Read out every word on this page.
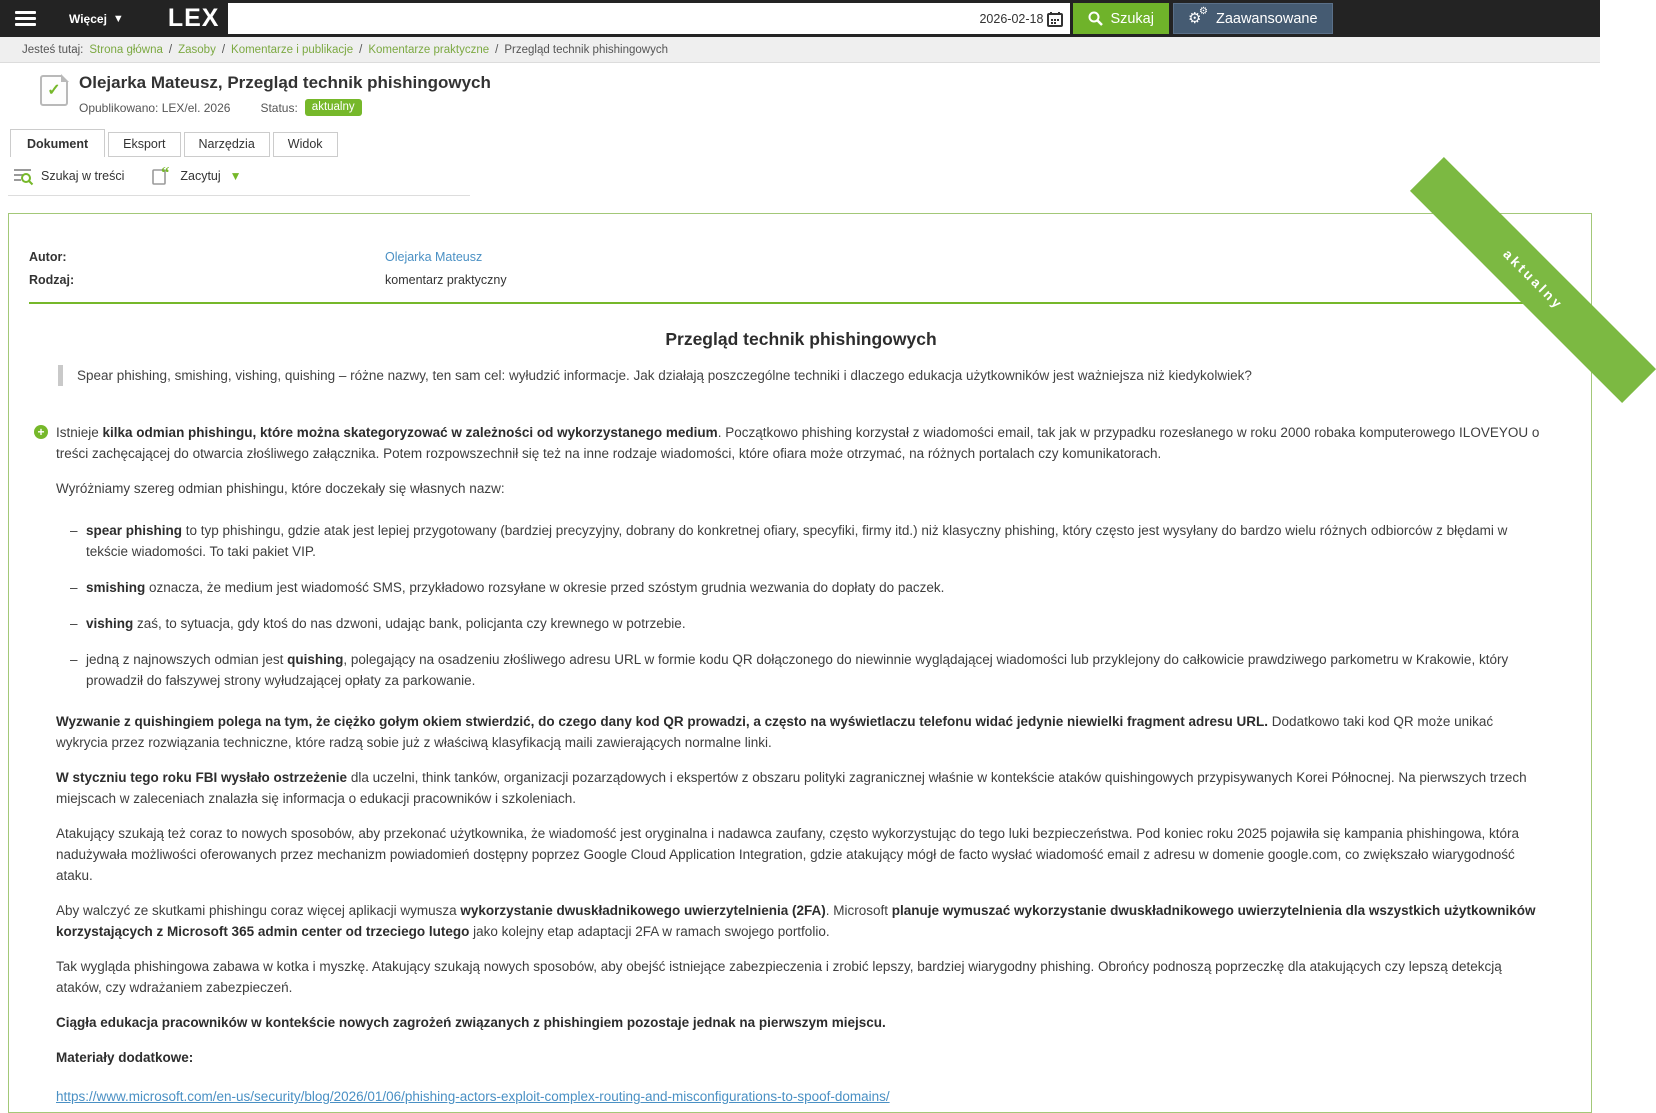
Więcej ▼ LEX
2026-02-18	Szukaj ⚙
⚙ Zaawansowane
Jesteś tutaj: Strona główna / Zasoby / Komentarze i publikacje / Komentarze praktyczne / Przegląd technik phishingowych
✓	Olejarka Mateusz, Przegląd technik phishingowych
Opublikowano: LEX/el. 2026	Status:	aktualny
Dokument	Eksport	Narzędzia	Widok
Szukaj w treści “ Zacytuj ▼
aktualny
Autor:	Olejarka Mateusz
Rodzaj:	komentarz praktyczny
Przegląd technik phishingowych
Spear phishing, smishing, vishing, quishing – różne nazwy, ten sam cel: wyłudzić informacje. Jak działają poszczególne techniki i dlaczego edukacja użytkowników jest ważniejsza niż kiedykolwiek?

+ Istnieje kilka odmian phishingu, które można skategoryzować w zależności od wykorzystanego medium. Początkowo phishing korzystał z wiadomości email, tak jak w przypadku rozesłanego w roku 2000 robaka komputerowego ILOVEYOU o treści zachęcającej do otwarcia złośliwego załącznika. Potem rozpowszechnił się też na inne rodzaje wiadomości, które ofiara może otrzymać, na różnych portalach czy komunikatorach.

Wyróżniamy szereg odmian phishingu, które doczekały się własnych nazw:

– spear phishing to typ phishingu, gdzie atak jest lepiej przygotowany (bardziej precyzyjny, dobrany do konkretnej ofiary, specyfiki, firmy itd.) niż klasyczny phishing, który często jest wysyłany do bardzo wielu różnych odbiorców z błędami w tekście wiadomości. To taki pakiet VIP.
– smishing oznacza, że medium jest wiadomość SMS, przykładowo rozsyłane w okresie przed szóstym grudnia wezwania do dopłaty do paczek.
– vishing zaś, to sytuacja, gdy ktoś do nas dzwoni, udając bank, policjanta czy krewnego w potrzebie.
– jedną z najnowszych odmian jest quishing, polegający na osadzeniu złośliwego adresu URL w formie kodu QR dołączonego do niewinnie wyglądającej wiadomości lub przyklejony do całkowicie prawdziwego parkometru w Krakowie, który prowadził do fałszywej strony wyłudzającej opłaty za parkowanie.

Wyzwanie z quishingiem polega na tym, że ciężko gołym okiem stwierdzić, do czego dany kod QR prowadzi, a często na wyświetlaczu telefonu widać jedynie niewielki fragment adresu URL. Dodatkowo taki kod QR może unikać wykrycia przez rozwiązania techniczne, które radzą sobie już z właściwą klasyfikacją maili zawierających normalne linki.

W styczniu tego roku FBI wysłało ostrzeżenie dla uczelni, think tanków, organizacji pozarządowych i ekspertów z obszaru polityki zagranicznej właśnie w kontekście ataków quishingowych przypisywanych Korei Północnej. Na pierwszych trzech miejscach w zaleceniach znalazła się informacja o edukacji pracowników i szkoleniach.

Atakujący szukają też coraz to nowych sposobów, aby przekonać użytkownika, że wiadomość jest oryginalna i nadawca zaufany, często wykorzystując do tego luki bezpieczeństwa. Pod koniec roku 2025 pojawiła się kampania phishingowa, która nadużywała możliwości oferowanych przez mechanizm powiadomień dostępny poprzez Google Cloud Application Integration, gdzie atakujący mógł de facto wysłać wiadomość email z adresu w domenie google.com, co zwiększało wiarygodność ataku.

Aby walczyć ze skutkami phishingu coraz więcej aplikacji wymusza wykorzystanie dwuskładnikowego uwierzytelnienia (2FA). Microsoft planuje wymuszać wykorzystanie dwuskładnikowego uwierzytelnienia dla wszystkich użytkowników korzystających z Microsoft 365 admin center od trzeciego lutego jako kolejny etap adaptacji 2FA w ramach swojego portfolio.

Tak wygląda phishingowa zabawa w kotka i myszkę. Atakujący szukają nowych sposobów, aby obejść istniejące zabezpieczenia i zrobić lepszy, bardziej wiarygodny phishing. Obrońcy podnoszą poprzeczkę dla atakujących czy lepszą detekcją ataków, czy wdrażaniem zabezpieczeń.

Ciągła edukacja pracowników w kontekście nowych zagrożeń związanych z phishingiem pozostaje jednak na pierwszym miejscu.

Materiały dodatkowe:

https://www.microsoft.com/en-us/security/blog/2026/01/06/phishing-actors-exploit-complex-routing-and-misconfigurations-to-spoof-domains/
